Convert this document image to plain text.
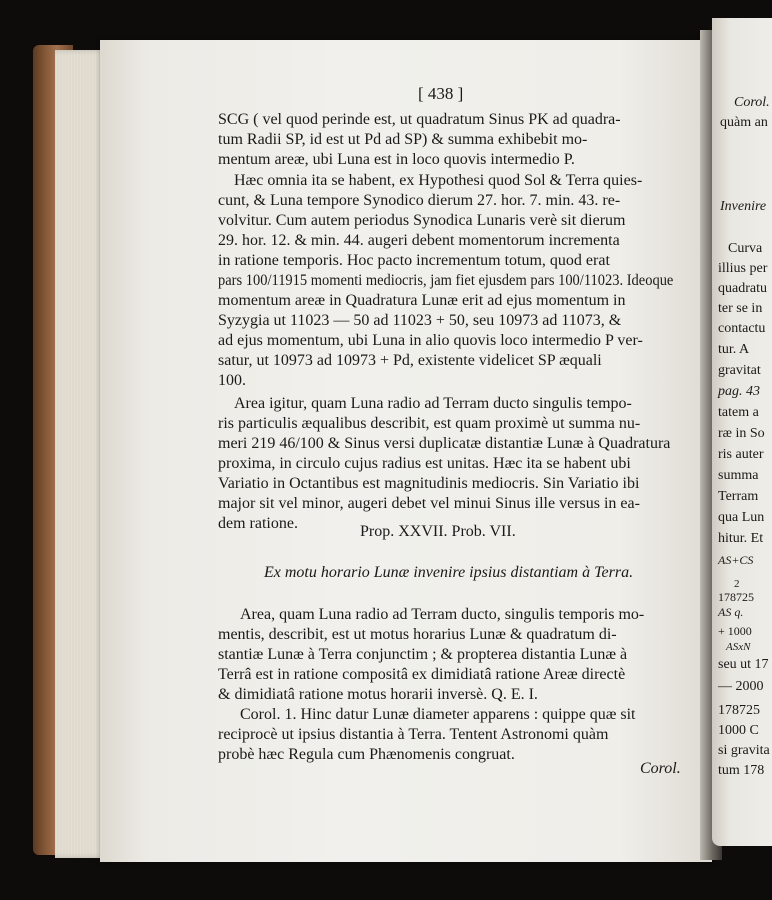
Corol.
quàm an
Invenire
Curva
illius per
quadratu
ter se in
contactu
tur. A
gravitat
pag. 43
tatem a
ræ in So
ris auter
summa
Terram
qua Lun
hitur. Et
AS+CS
2
178725
AS q.
+ 1000
ASxN
seu ut 17
— 2000
178725
1000 C
si gravita
tum 178
[ 438 ]
SCG ( vel quod perinde est, ut quadratum Sinus PK ad quadra-
tum Radii SP, id est ut Pd ad SP) & summa exhibebit mo-
mentum areæ, ubi Luna est in loco quovis intermedio P.
Hæc omnia ita se habent, ex Hypothesi quod Sol & Terra quies-
cunt, & Luna tempore Synodico dierum 27. hor. 7. min. 43. re-
volvitur. Cum autem periodus Synodica Lunaris verè sit dierum
29. hor. 12. & min. 44. augeri debent momentorum incrementa
in ratione temporis. Hoc pacto incrementum totum, quod erat
pars 100/11915 momenti mediocris, jam fiet ejusdem pars 100/11023. Ideoque
momentum areæ in Quadratura Lunæ erit ad ejus momentum in
Syzygia ut 11023 — 50 ad 11023 + 50, seu 10973 ad 11073, &
ad ejus momentum, ubi Luna in alio quovis loco intermedio P ver-
satur, ut 10973 ad 10973 + Pd, existente videlicet SP æquali
100.
Area igitur, quam Luna radio ad Terram ducto singulis tempo-
ris particulis æqualibus describit, est quam proximè ut summa nu-
meri 219 46/100 & Sinus versi duplicatæ distantiæ Lunæ à Quadratura
proxima, in circulo cujus radius est unitas. Hæc ita se habent ubi
Variatio in Octantibus est magnitudinis mediocris. Sin Variatio ibi
major sit vel minor, augeri debet vel minui Sinus ille versus in ea-
dem ratione.	Prop. XXVII. Prob. VII.
Ex motu horario Lunæ invenire ipsius distantiam à Terra.
Area, quam Luna radio ad Terram ducto, singulis temporis mo-
mentis, describit, est ut motus horarius Lunæ & quadratum di-
stantiæ Lunæ à Terra conjunctim ; & propterea distantia Lunæ à
Terrâ est in ratione compositâ ex dimidiatâ ratione Areæ directè
& dimidiatâ ratione motus horarii inversè. Q. E. I.
Corol. 1. Hinc datur Lunæ diameter apparens : quippe quæ sit
reciprocè ut ipsius distantia à Terra. Tentent Astronomi quàm
probè hæc Regula cum Phænomenis congruat.
Corol.
